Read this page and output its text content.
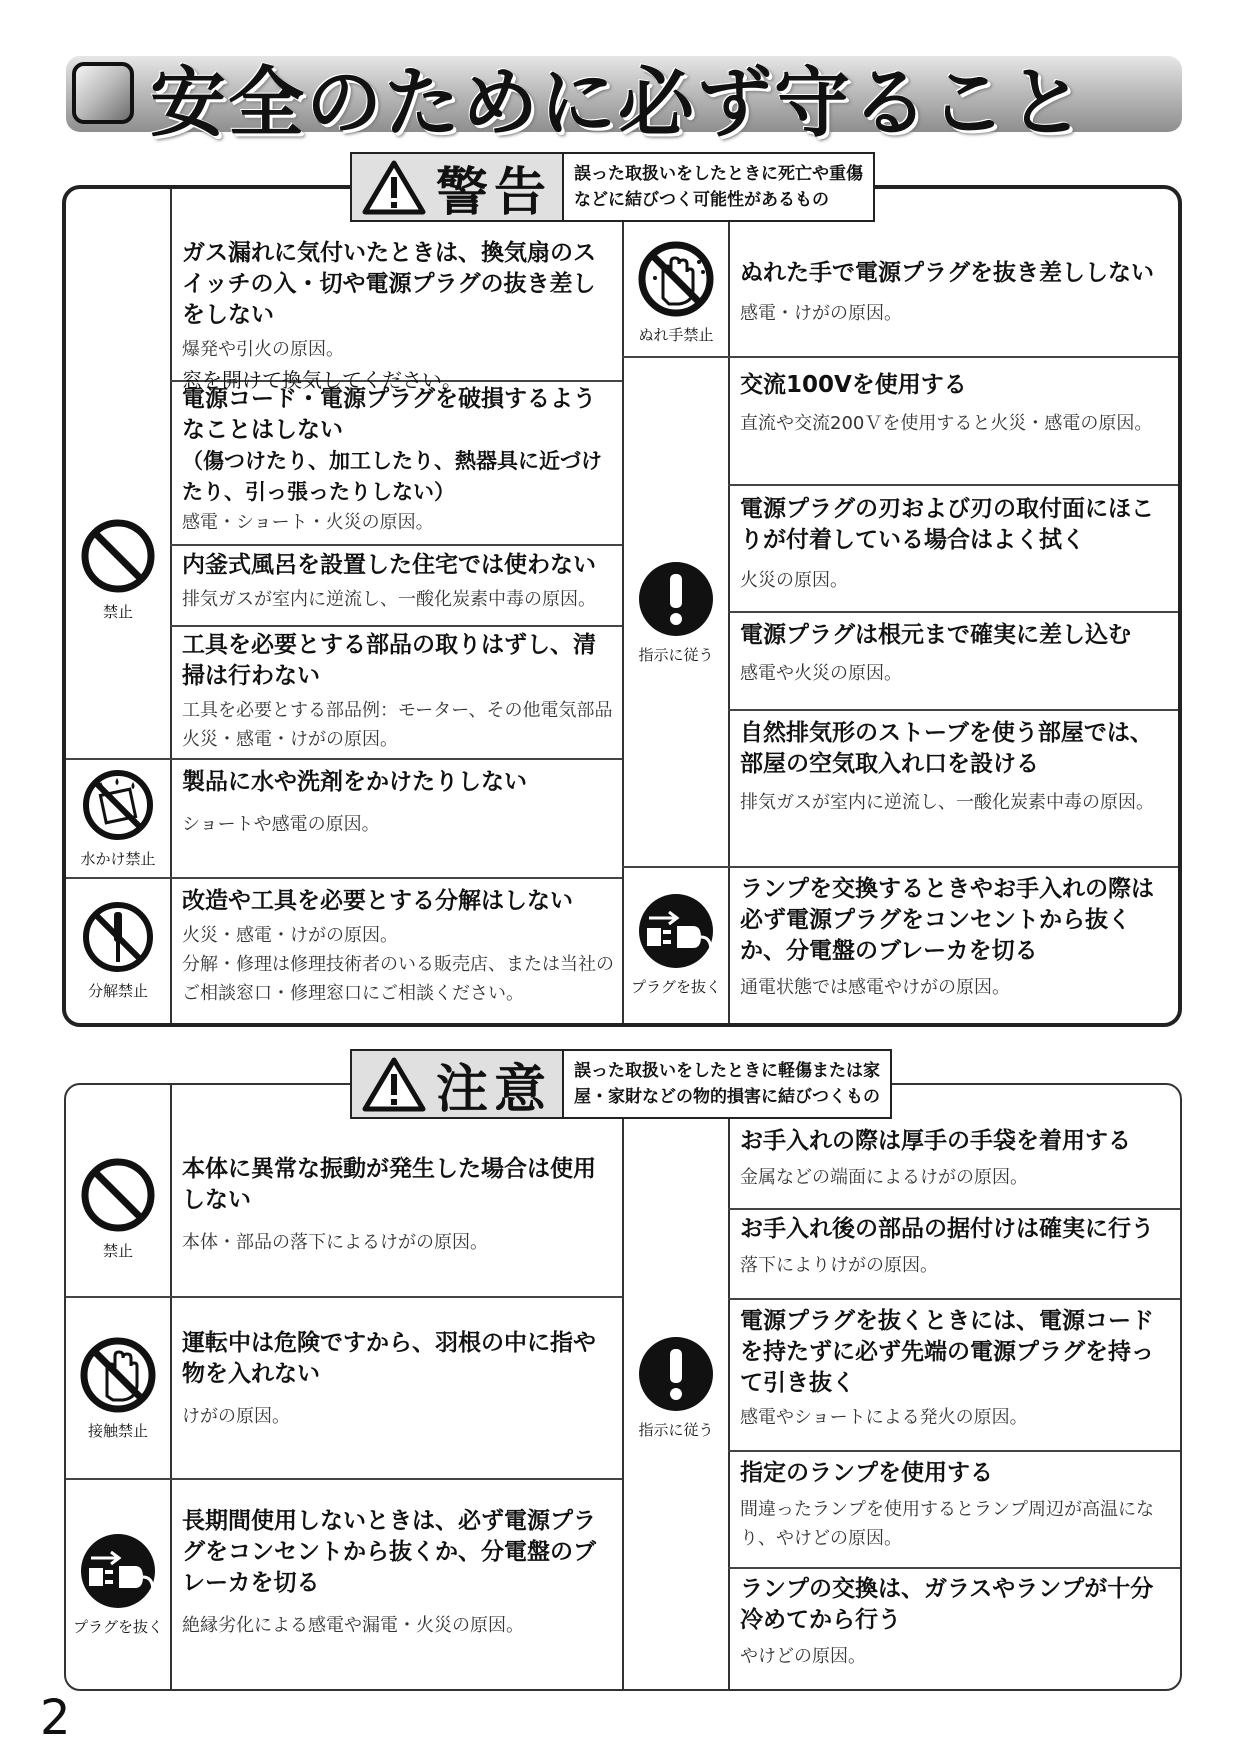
安全のために必ず守ること
警告 誤った取扱いをしたときに死亡や重傷
などに結びつく可能性があるもの
禁止
水かけ禁止
分解禁止
ガス漏れに気付いたときは、換気扇のスイッチの入・切や電源プラグの抜き差しをしない
爆発や引火の原因。
窓を開けて換気してください。
電源コード・電源プラグを破損するようなことはしない
（傷つけたり、加工したり、熱器具に近づけたり、引っ張ったりしない）
感電・ショート・火災の原因。
内釜式風呂を設置した住宅では使わない
排気ガスが室内に逆流し、一酸化炭素中毒の原因。
工具を必要とする部品の取りはずし、清掃は行わない
工具を必要とする部品例：モーター、その他電気部品
火災・感電・けがの原因。
製品に水や洗剤をかけたりしない
ショートや感電の原因。
改造や工具を必要とする分解はしない
火災・感電・けがの原因。
分解・修理は修理技術者のいる販売店、または当社のご相談窓口・修理窓口にご相談ください。
ぬれ手禁止
指示に従う
プラグを抜く
ぬれた手で電源プラグを抜き差ししない
感電・けがの原因。
交流100Vを使用する
直流や交流200Ｖを使用すると火災・感電の原因。
電源プラグの刃および刃の取付面にほこりが付着している場合はよく拭く
火災の原因。
電源プラグは根元まで確実に差し込む
感電や火災の原因。
自然排気形のストーブを使う部屋では、部屋の空気取入れ口を設ける
排気ガスが室内に逆流し、一酸化炭素中毒の原因。
ランプを交換するときやお手入れの際は必ず電源プラグをコンセントから抜くか、分電盤のブレーカを切る
通電状態では感電やけがの原因。
注意 誤った取扱いをしたときに軽傷または家
屋・家財などの物的損害に結びつくもの
禁止
接触禁止
プラグを抜く
本体に異常な振動が発生した場合は使用しない
本体・部品の落下によるけがの原因。
運転中は危険ですから、羽根の中に指や物を入れない
けがの原因。
長期間使用しないときは、必ず電源プラグをコンセントから抜くか、分電盤のブレーカを切る
絶縁劣化による感電や漏電・火災の原因。
指示に従う
お手入れの際は厚手の手袋を着用する
金属などの端面によるけがの原因。
お手入れ後の部品の据付けは確実に行う
落下によりけがの原因。
電源プラグを抜くときには、電源コードを持たずに必ず先端の電源プラグを持って引き抜く
感電やショートによる発火の原因。
指定のランプを使用する
間違ったランプを使用するとランプ周辺が高温になり、やけどの原因。
ランプの交換は、ガラスやランプが十分冷めてから行う
やけどの原因。
2
